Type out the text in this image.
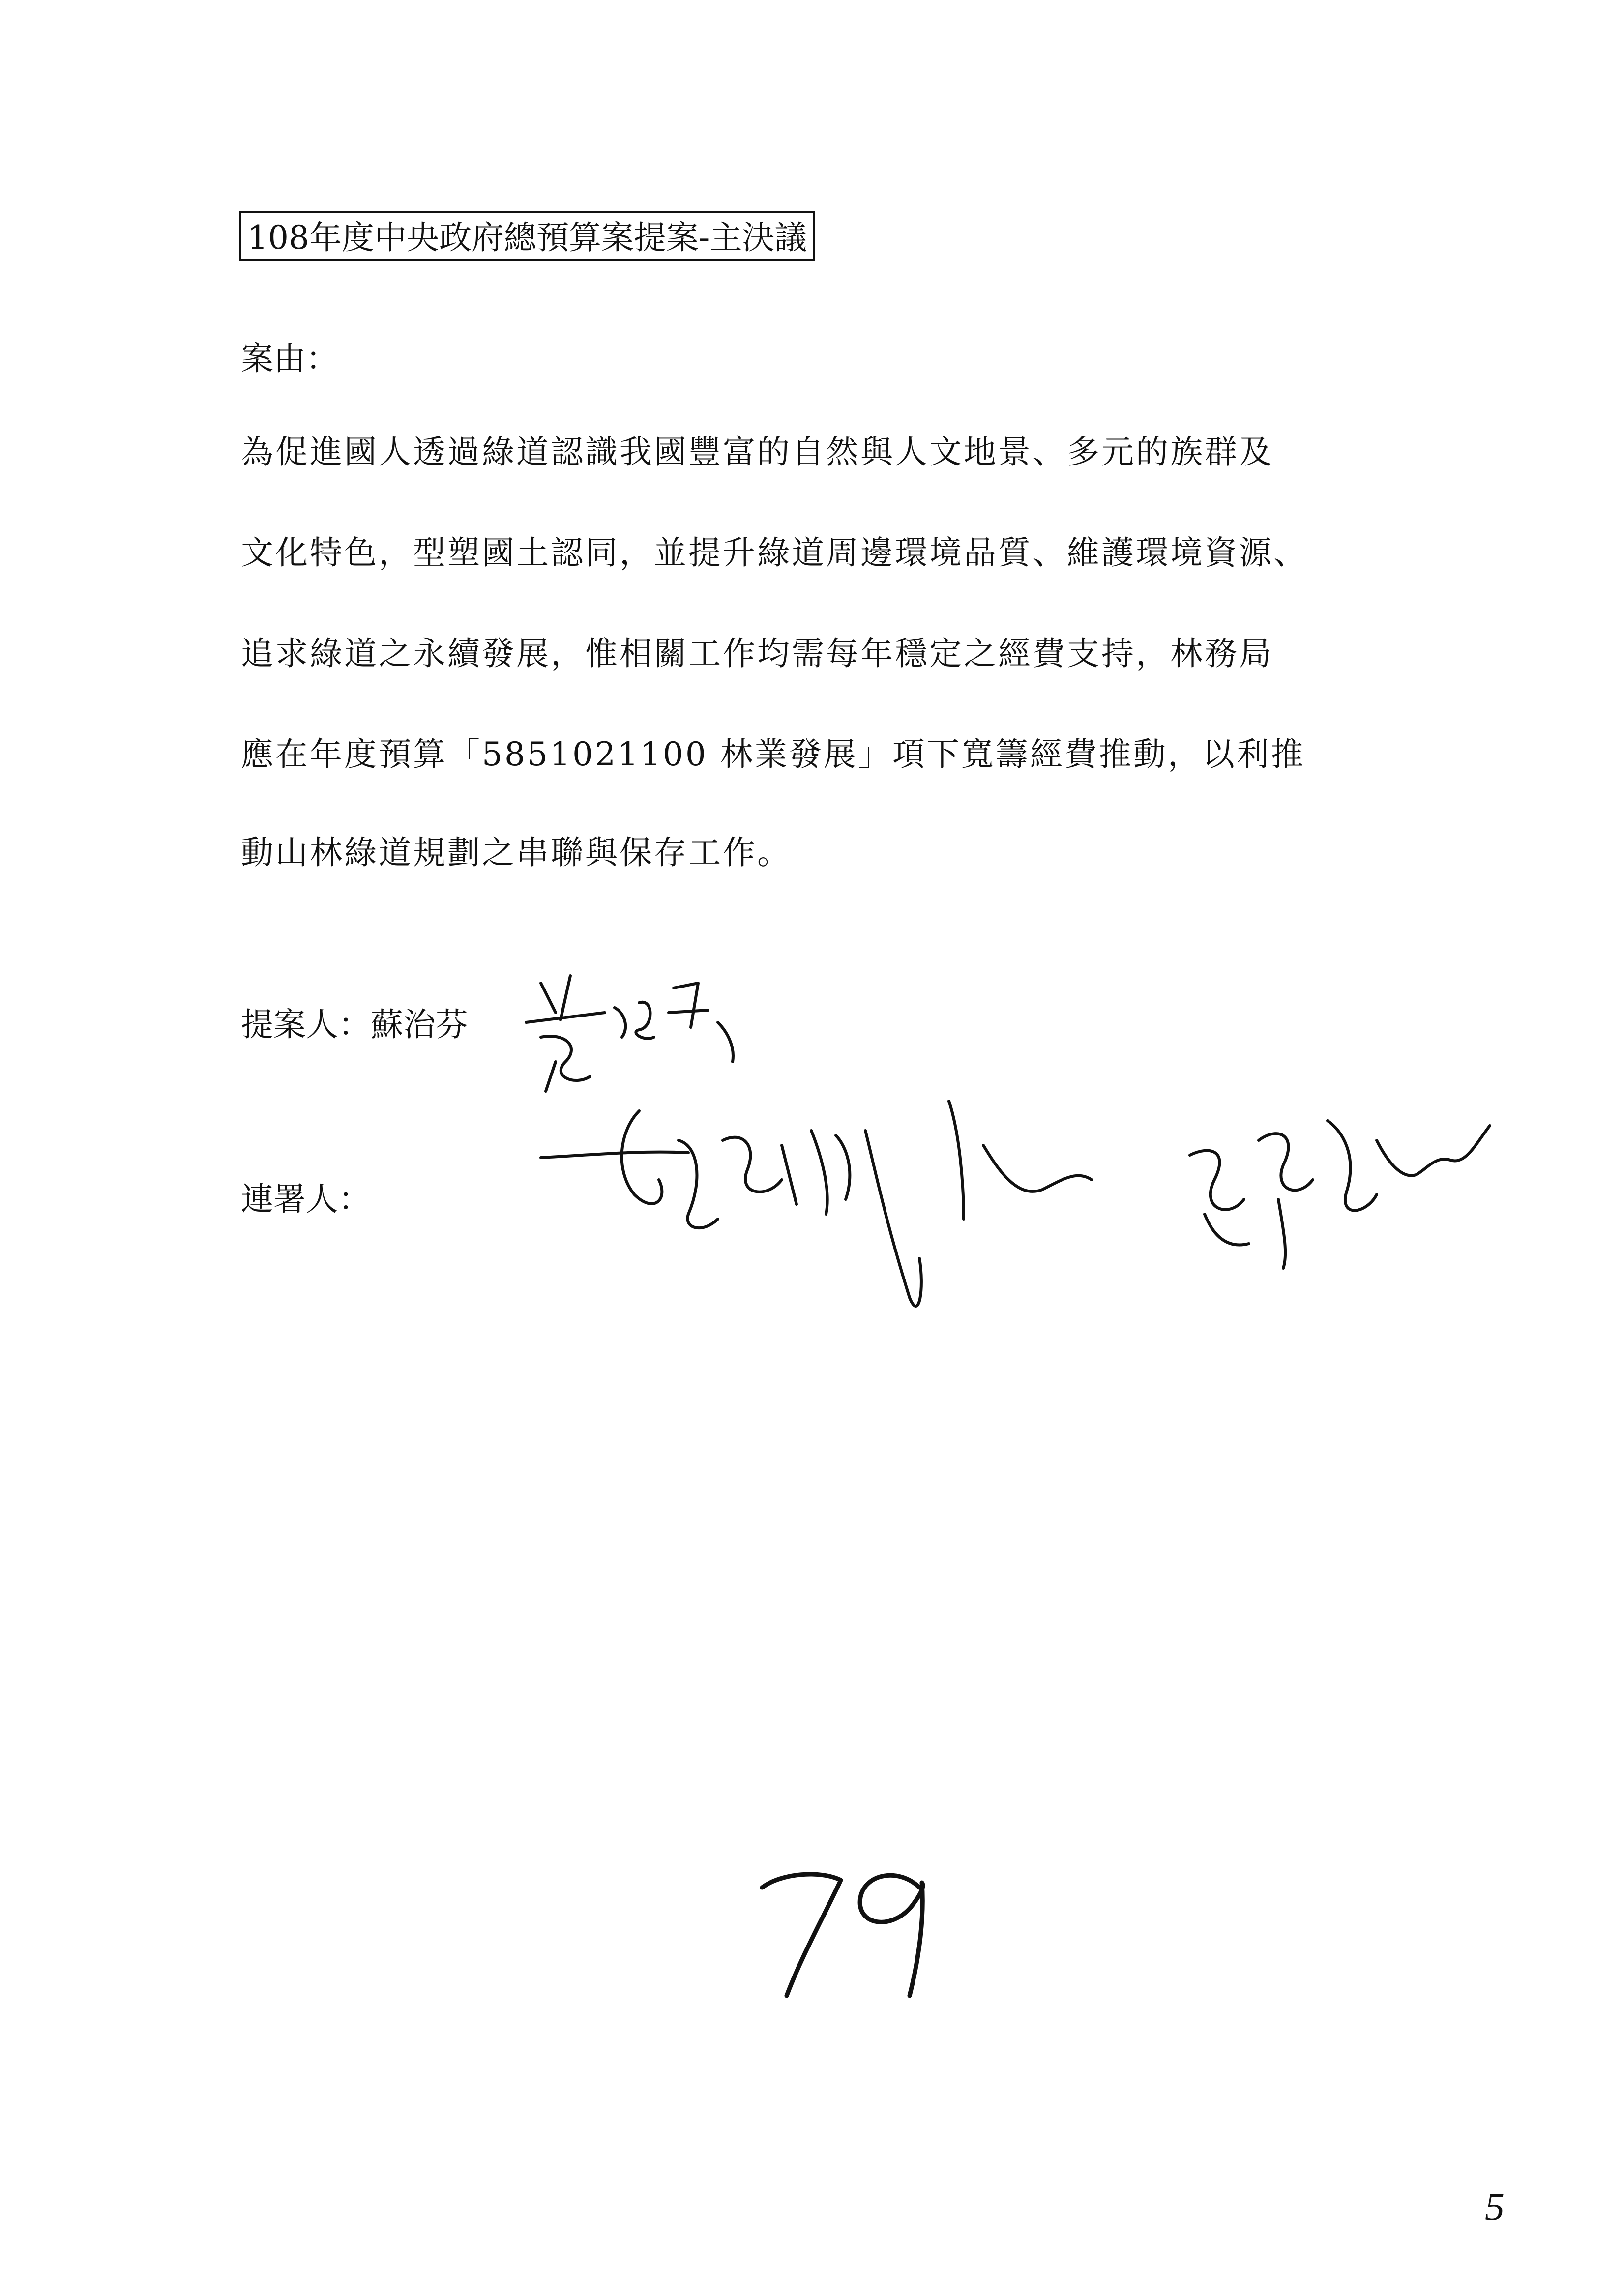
108年度中央政府總預算案提案-主決議
案由：
為促進國人透過綠道認識我國豐富的自然與人文地景、多元的族群及
文化特色，型塑國土認同，並提升綠道周邊環境品質、維護環境資源、
追求綠道之永續發展，惟相關工作均需每年穩定之經費支持，林務局
應在年度預算「5851021100 林業發展」項下寬籌經費推動，以利推
動山林綠道規劃之串聯與保存工作。
提案人：蘇治芬
連署人：
5
